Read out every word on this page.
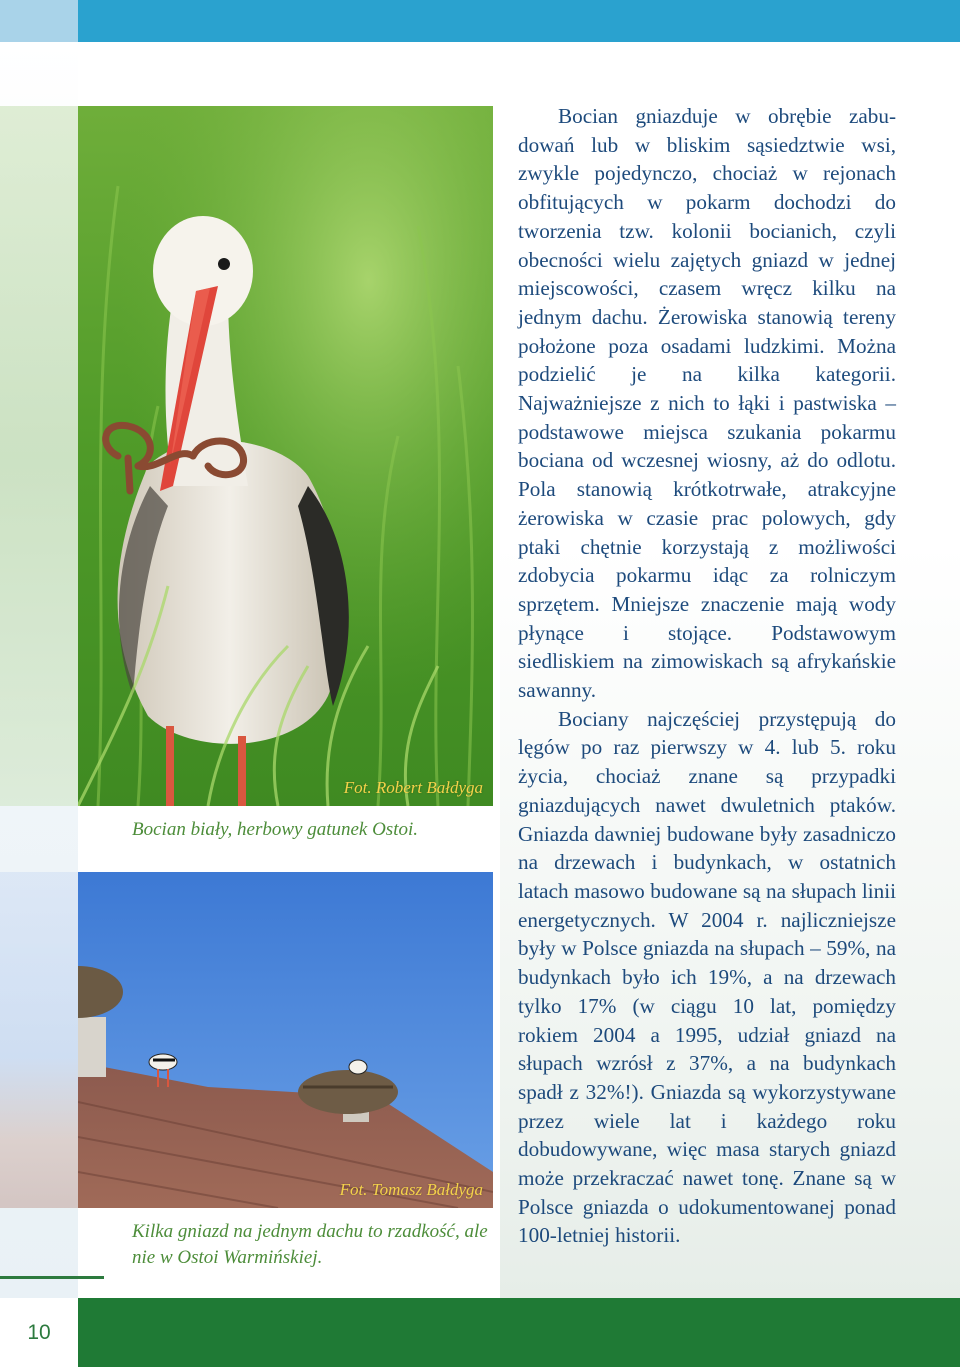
Fot. Robert Bałdyga
Bocian biały, herbowy gatunek Ostoi.
Fot. Tomasz Bałdyga
Kilka gniazd na jednym dachu to rzadkość, ale nie w Ostoi Warmińskiej.

Bocian gniazduje w obrębie zabudowań lub w bliskim sąsiedztwie wsi, zwykle pojedynczo, chociaż w rejonach obfitujących w pokarm dochodzi do tworzenia tzw. kolonii bocianich, czyli obecności wielu zajętych gniazd w jednej miejscowości, czasem wręcz kilku na jednym dachu. Żerowiska stanowią tereny położone poza osadami ludzkimi. Można podzielić je na kilka kategorii. Najważniejsze z nich to łąki i pastwiska – podstawowe miejsca szukania pokarmu bociana od wczesnej wiosny, aż do odlotu. Pola stanowią krótkotrwałe, atrakcyjne żerowiska w czasie prac polowych, gdy ptaki chętnie korzystają z możliwości zdobycia pokarmu idąc za rolniczym sprzętem. Mniejsze znaczenie mają wody płynące i stojące. Podstawowym siedliskiem na zimowiskach są afrykańskie sawanny.

Bociany najczęściej przystępują do lęgów po raz pierwszy w 4. lub 5. roku życia, chociaż znane są przypadki gniazdujących nawet dwuletnich ptaków. Gniazda dawniej budowane były zasadniczo na drzewach i budynkach, w ostatnich latach masowo budowane są na słupach linii energetycznych. W 2004 r. najliczniejsze były w Polsce gniazda na słupach – 59%, na budynkach było ich 19%, a na drzewach tylko 17% (w ciągu 10 lat, pomiędzy rokiem 2004 a 1995, udział gniazd na słupach wzrósł z 37%, a na budynkach spadł z 32%!). Gniazda są wykorzystywane przez wiele lat i każdego roku dobudowywane, więc masa starych gniazd może przekraczać nawet tonę. Znane są w Polsce gniazda o udokumentowanej ponad 100-letniej historii.

10
